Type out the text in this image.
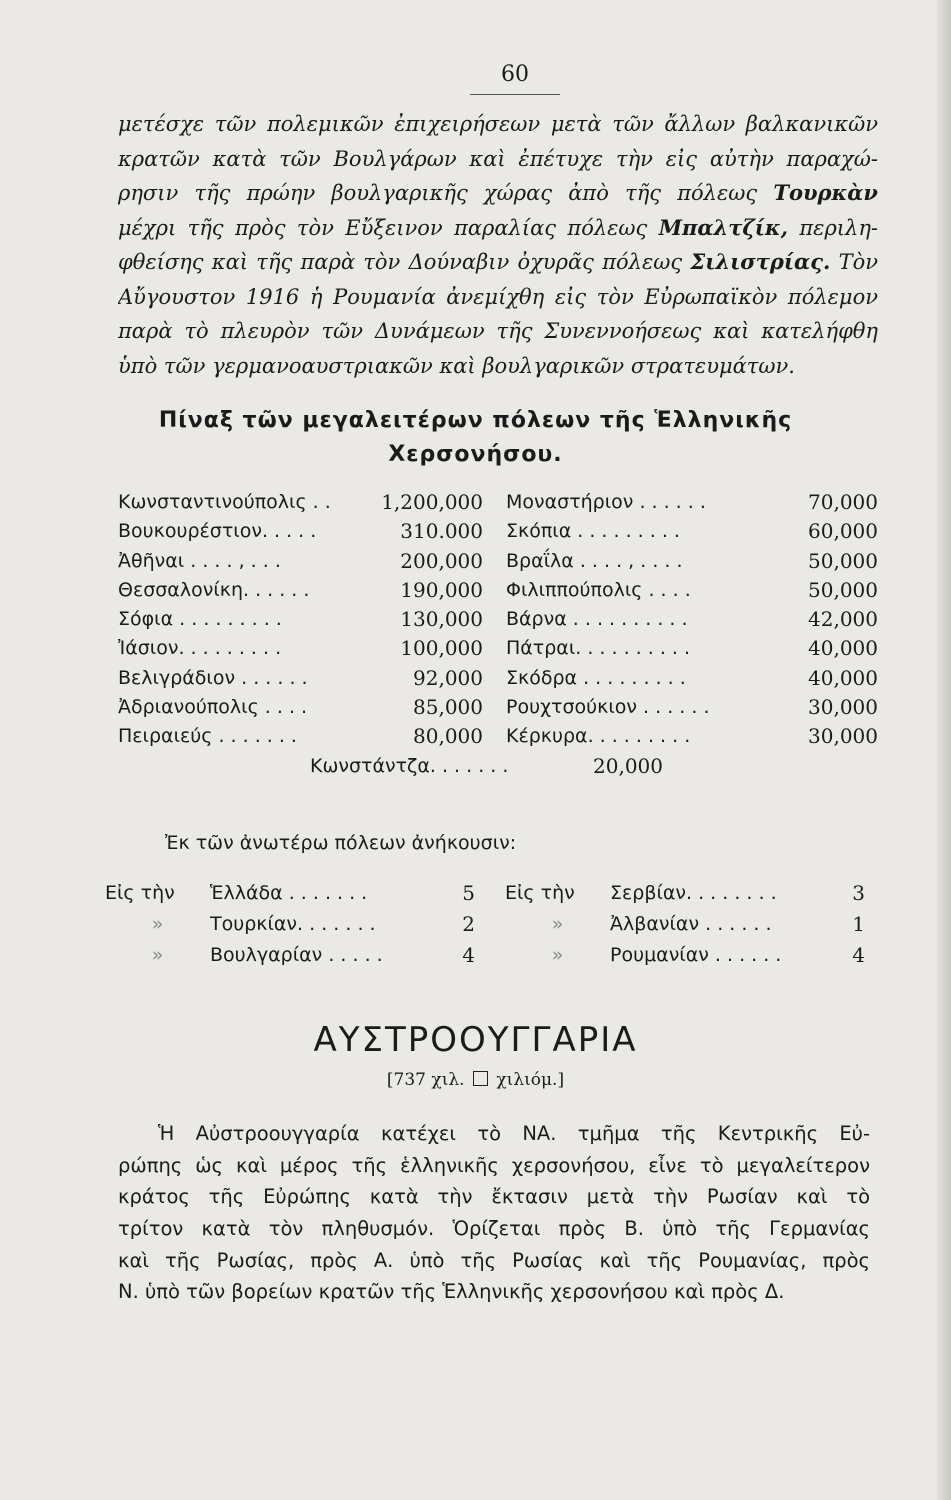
60
μετέσχε τῶν πολεμικῶν ἐπιχειρήσεων μετὰ τῶν ἄλλων βαλκανικῶν
κρατῶν κατὰ τῶν Βουλγάρων καὶ ἐπέτυχε τὴν εἰς αὐτὴν παραχώ-
ρησιν τῆς πρώην βουλγαρικῆς χώρας ἀπὸ τῆς πόλεως Τουρκὰν
μέχρι τῆς πρὸς τὸν Εὔξεινον παραλίας πόλεως Μπαλτζίκ, περιλη-
φθείσης καὶ τῆς παρὰ τὸν Δούναβιν ὀχυρᾶς πόλεως Σιλιστρίας. Τὸν
Αὔγουστον 1916 ἡ Ρουμανία ἀνεμίχθη εἰς τὸν Εὐρωπαϊκὸν πόλεμον
παρὰ τὸ πλευρὸν τῶν Δυνάμεων τῆς Συνεννοήσεως καὶ κατελήφθη
ὑπὸ τῶν γερμανοαυστριακῶν καὶ βουλγαρικῶν στρατευμάτων.
Πίναξ τῶν μεγαλειτέρων πόλεων τῆς Ἑλληνικῆς
Χερσονήσου.
Κωνσταντινούπολις . .	1,200,000 Μοναστήριον . . . . . .	70,000
Βουκουρέστιον. . . . .	310.000 Σκόπια . . . . . . . . .	60,000
Ἀθῆναι . . . . , . . .	200,000 Βραΐλα . . . . , . . . .	50,000
Θεσσαλονίκη. . . . . .	190,000 Φιλιππούπολις . . . .	50,000
Σόφια . . . . . . . . .	130,000 Βάρνα . . . . . . . . . .	42,000
Ἰάσιον. . . . . . . . .	100,000 Πάτραι. . . . . . . . . .	40,000
Βελιγράδιον . . . . . .	92,000 Σκόδρα . . . . . . . . .	40,000
Ἀδριανούπολις . . . .	85,000 Ρουχτσούκιον . . . . . .	30,000
Πειραιεύς . . . . . . .	80,000 Κέρκυρα. . . . . . . . .	30,000
Κωνστάντζα. . . . . . .	20,000
Ἐκ τῶν ἀνωτέρω πόλεων ἀνήκουσιν:
Εἰς τὴν Ἑλλάδα . . . . . . .	5 Εἰς τὴν Σερβίαν. . . . . . . .	3
» Τουρκίαν. . . . . . .	2	» Ἀλβανίαν . . . . . .	1
» Βουλγαρίαν . . . . .	4	» Ρουμανίαν . . . . . .	4
ΑΥΣΤΡΟΟΥΓΓΑΡΙΑ
[737 χιλ. χιλιόμ.]
Ἡ Αὐστροουγγαρία κατέχει τὸ ΝΑ. τμῆμα τῆς Κεντρικῆς Εὐ-
ρώπης ὡς καὶ μέρος τῆς ἑλληνικῆς χερσονήσου, εἶνε τὸ μεγαλείτερον
κράτος τῆς Εὐρώπης κατὰ τὴν ἔκτασιν μετὰ τὴν Ρωσίαν καὶ τὸ
τρίτον κατὰ τὸν πληθυσμόν. Ὁρίζεται πρὸς Β. ὑπὸ τῆς Γερμανίας
καὶ τῆς Ρωσίας, πρὸς Α. ὑπὸ τῆς Ρωσίας καὶ τῆς Ρουμανίας, πρὸς
Ν. ὑπὸ τῶν βορείων κρατῶν τῆς Ἑλληνικῆς χερσονήσου καὶ πρὸς Δ.
